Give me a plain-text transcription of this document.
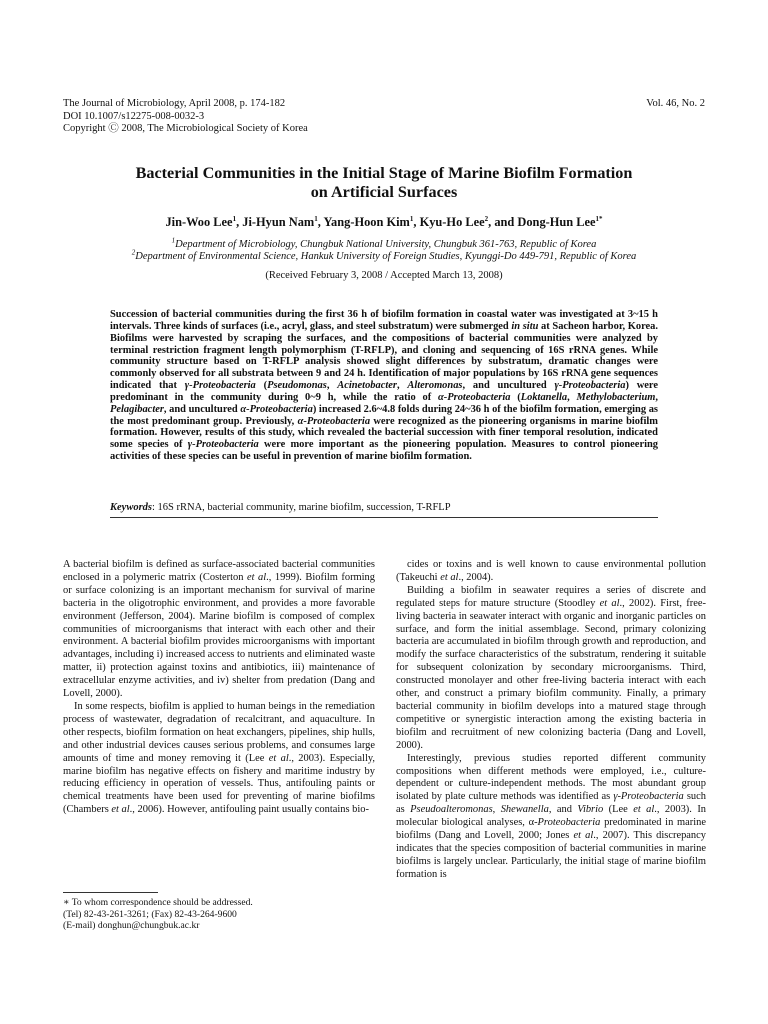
The Journal of Microbiology, April 2008, p. 174-182
DOI 10.1007/s12275-008-0032-3
Copyright Ⓒ 2008, The Microbiological Society of Korea
Vol. 46, No. 2
Bacterial Communities in the Initial Stage of Marine Biofilm Formation
on Artificial Surfaces
Jin-Woo Lee$^1$, Ji-Hyun Nam$^1$, Yang-Hoon Kim$^1$, Kyu-Ho Lee$^2$, and Dong-Hun Lee$^{1*}$
$^1$Department of Microbiology, Chungbuk National University, Chungbuk 361-763, Republic of Korea
$^2$Department of Environmental Science, Hankuk University of Foreign Studies, Kyunggi-Do 449-791, Republic of Korea
(Received February 3, 2008 / Accepted March 13, 2008)
Succession of bacterial communities during the first 36 h of biofilm formation in coastal water was investigated at 3~15 h intervals. Three kinds of surfaces (i.e., acryl, glass, and steel substratum) were submerged in situ at Sacheon harbor, Korea. Biofilms were harvested by scraping the surfaces, and the compositions of bacterial communities were analyzed by terminal restriction fragment length polymorphism (T-RFLP), and cloning and sequencing of 16S rRNA genes. While community structure based on T-RFLP analysis showed slight differences by substratum, dramatic changes were commonly observed for all substrata between 9 and 24 h. Identification of major populations by 16S rRNA gene sequences indicated that γ-Proteobacteria (Pseudomonas, Acinetobacter, Alteromonas, and uncultured γ-Proteobacteria) were predominant in the community during 0~9 h, while the ratio of α-Proteobacteria (Loktanella, Methylobacterium, Pelagibacter, and uncultured α-Proteobacteria) increased 2.6~4.8 folds during 24~36 h of the biofilm formation, emerging as the most predominant group. Previously, α-Proteobacteria were recognized as the pioneering organisms in marine biofilm formation. However, results of this study, which revealed the bacterial succession with finer temporal resolution, indicated some species of γ-Proteobacteria were more important as the pioneering population. Measures to control pioneering activities of these species can be useful in prevention of marine biofilm formation.
Keywords: 16S rRNA, bacterial community, marine biofilm, succession, T-RFLP

A bacterial biofilm is defined as surface-associated bacterial communities enclosed in a polymeric matrix (Costerton et al., 1999). Biofilm forming or surface colonizing is an important mechanism for survival of marine bacteria in the oligotrophic environment, and provides a more favorable environment (Jefferson, 2004). Marine biofilm is composed of complex communities of microorganisms that interact with each other and their environment. A bacterial biofilm provides microorganisms with important advantages, including i) increased access to nutrients and eliminated waste matter, ii) protection against toxins and antibiotics, iii) maintenance of extracellular enzyme activities, and iv) shelter from predation (Dang and Lovell, 2000).

In some respects, biofilm is applied to human beings in the remediation process of wastewater, degradation of recalcitrant, and aquaculture. In other respects, biofilm formation on heat exchangers, pipelines, ship hulls, and other industrial devices causes serious problems, and consumes large amounts of time and money removing it (Lee et al., 2003). Especially, marine biofilm has negative effects on fishery and maritime industry by reducing efficiency in operation of vessels. Thus, antifouling paints or chemical treatments have been used for preventing of marine biofilms (Chambers et al., 2006). However, antifouling paint usually contains bio-

cides or toxins and is well known to cause environmental pollution (Takeuchi et al., 2004).

Building a biofilm in seawater requires a series of discrete and regulated steps for mature structure (Stoodley et al., 2002). First, free-living bacteria in seawater interact with organic and inorganic particles on surface, and form the initial assemblage. Second, primary colonizing bacteria are accumulated in biofilm through growth and reproduction, and modify the surface characteristics of the substratum, rendering it suitable for subsequent colonization by secondary microorganisms. Third, constructed monolayer and other free-living bacteria interact with each other, and construct a primary biofilm community. Finally, a primary bacterial community in biofilm develops into a matured stage through competitive or synergistic interaction among the existing bacteria in biofilm and recruitment of new colonizing bacteria (Dang and Lovell, 2000).

Interestingly, previous studies reported different community compositions when different methods were employed, i.e., culture-dependent or culture-independent methods. The most abundant group isolated by plate culture methods was identified as γ-Proteobacteria such as Pseudoalteromonas, Shewanella, and Vibrio (Lee et al., 2003). In molecular biological analyses, α-Proteobacteria predominated in marine biofilms (Dang and Lovell, 2000; Jones et al., 2007). This discrepancy indicates that the species composition of bacterial communities in marine biofilms is largely unclear. Particularly, the initial stage of marine biofilm formation is

∗ To whom correspondence should be addressed.
(Tel) 82-43-261-3261; (Fax) 82-43-264-9600
(E-mail) donghun@chungbuk.ac.kr
